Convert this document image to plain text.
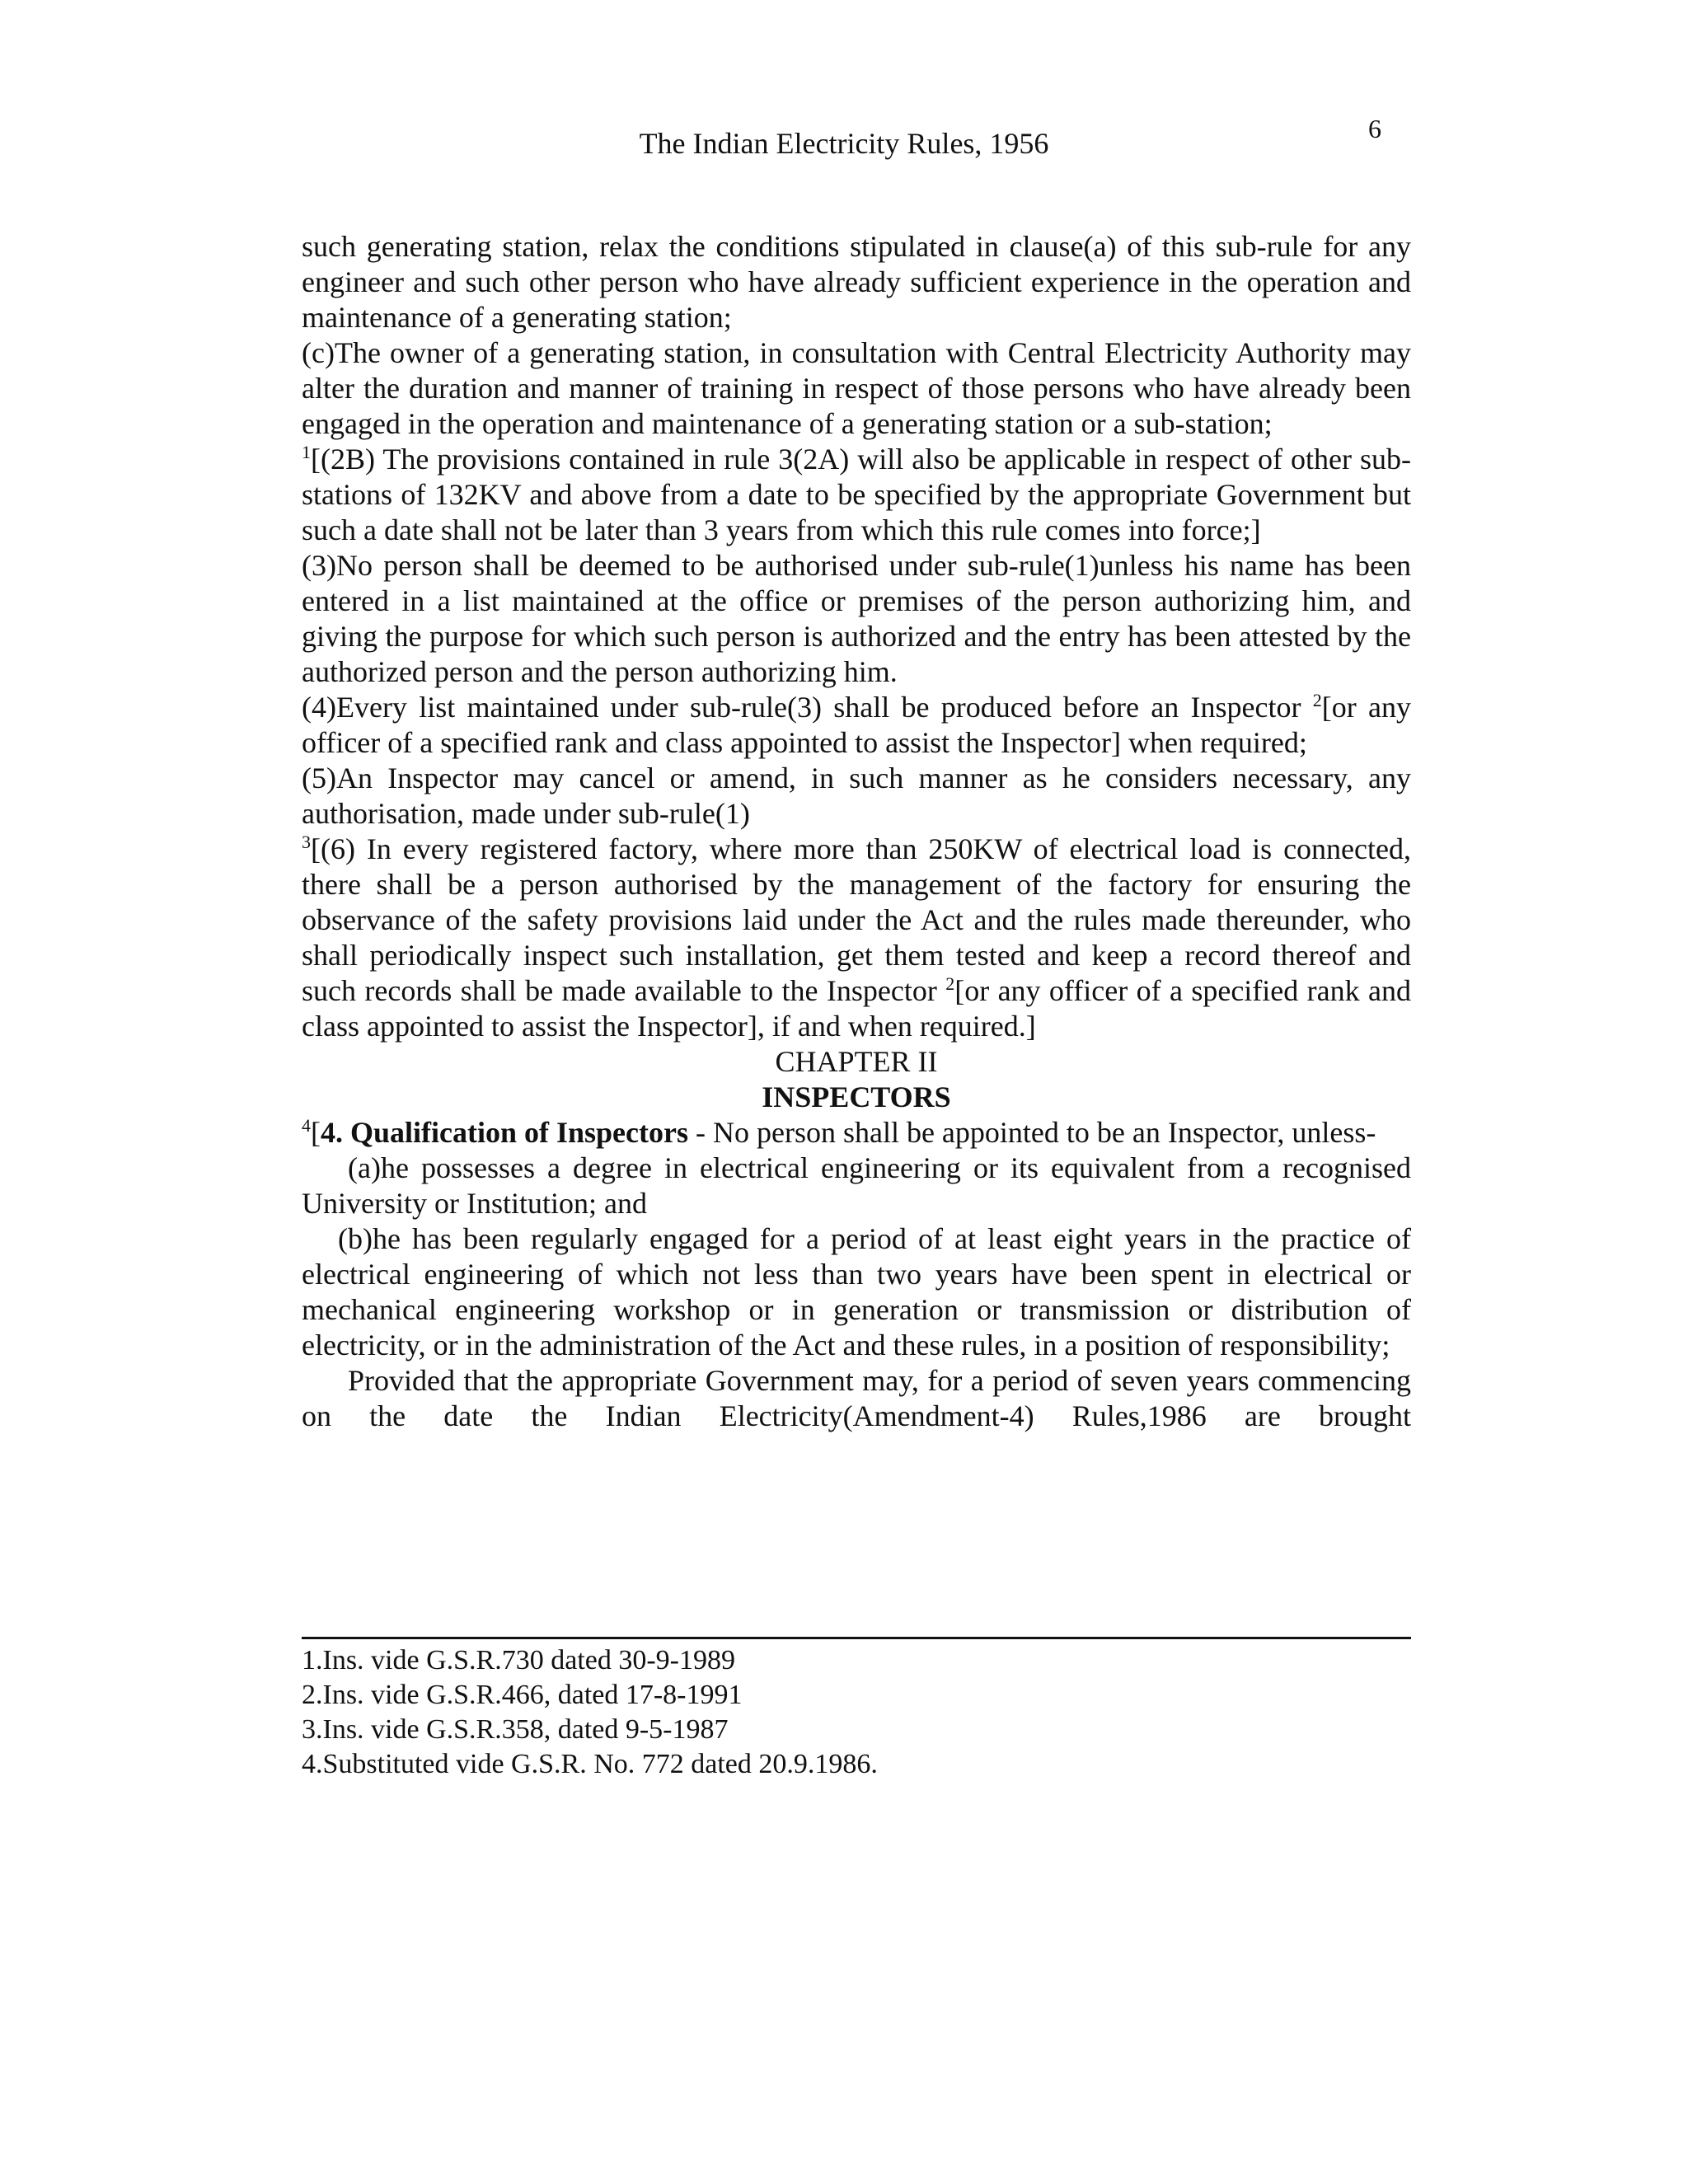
The Indian Electricity Rules, 1956	6

such generating station, relax the conditions stipulated in clause(a) of this sub-rule for any engineer and such other person who have already sufficient experience in the operation and maintenance of a generating station;

(c)The owner of a generating station, in consultation with Central Electricity Authority may alter the duration and manner of training in respect of those persons who have already been engaged in the operation and maintenance of a generating station or a sub-station;

$^1$[(2B) The provisions contained in rule 3(2A) will also be applicable in respect of other sub-stations of 132KV and above from a date to be specified by the appropriate Government but such a date shall not be later than 3 years from which this rule comes into force;]

(3)No person shall be deemed to be authorised under sub-rule(1)unless his name has been entered in a list maintained at the office or premises of the person authorizing him, and giving the purpose for which such person is authorized and the entry has been attested by the authorized person and the person authorizing him.

(4)Every list maintained under sub-rule(3) shall be produced before an Inspector $^2$[or any officer of a specified rank and class appointed to assist the Inspector] when required;

(5)An Inspector may cancel or amend, in such manner as he considers necessary, any authorisation, made under sub-rule(1)

$^3$[(6) In every registered factory, where more than 250KW of electrical load is connected, there shall be a person authorised by the management of the factory for ensuring the observance of the safety provisions laid under the Act and the rules made thereunder, who shall periodically inspect such installation, get them tested and keep a record thereof and such records shall be made available to the Inspector $^2$[or any officer of a specified rank and class appointed to assist the Inspector], if and when required.]

CHAPTER II

INSPECTORS

$^4$[4. Qualification of Inspectors - No person shall be appointed to be an Inspector, unless-

(a)he possesses a degree in electrical engineering or its equivalent from a recognised University or Institution; and

(b)he has been regularly engaged for a period of at least eight years in the practice of electrical engineering of which not less than two years have been spent in electrical or mechanical engineering workshop or in generation or transmission or distribution of electricity, or in the administration of the Act and these rules, in a position of responsibility;

Provided that the appropriate Government may, for a period of seven years commencing on the date the Indian Electricity(Amendment-4) Rules,1986 are brought

1.Ins. vide G.S.R.730 dated 30-9-1989
2.Ins. vide G.S.R.466, dated 17-8-1991
3.Ins. vide G.S.R.358, dated 9-5-1987
4.Substituted vide G.S.R. No. 772 dated 20.9.1986.
